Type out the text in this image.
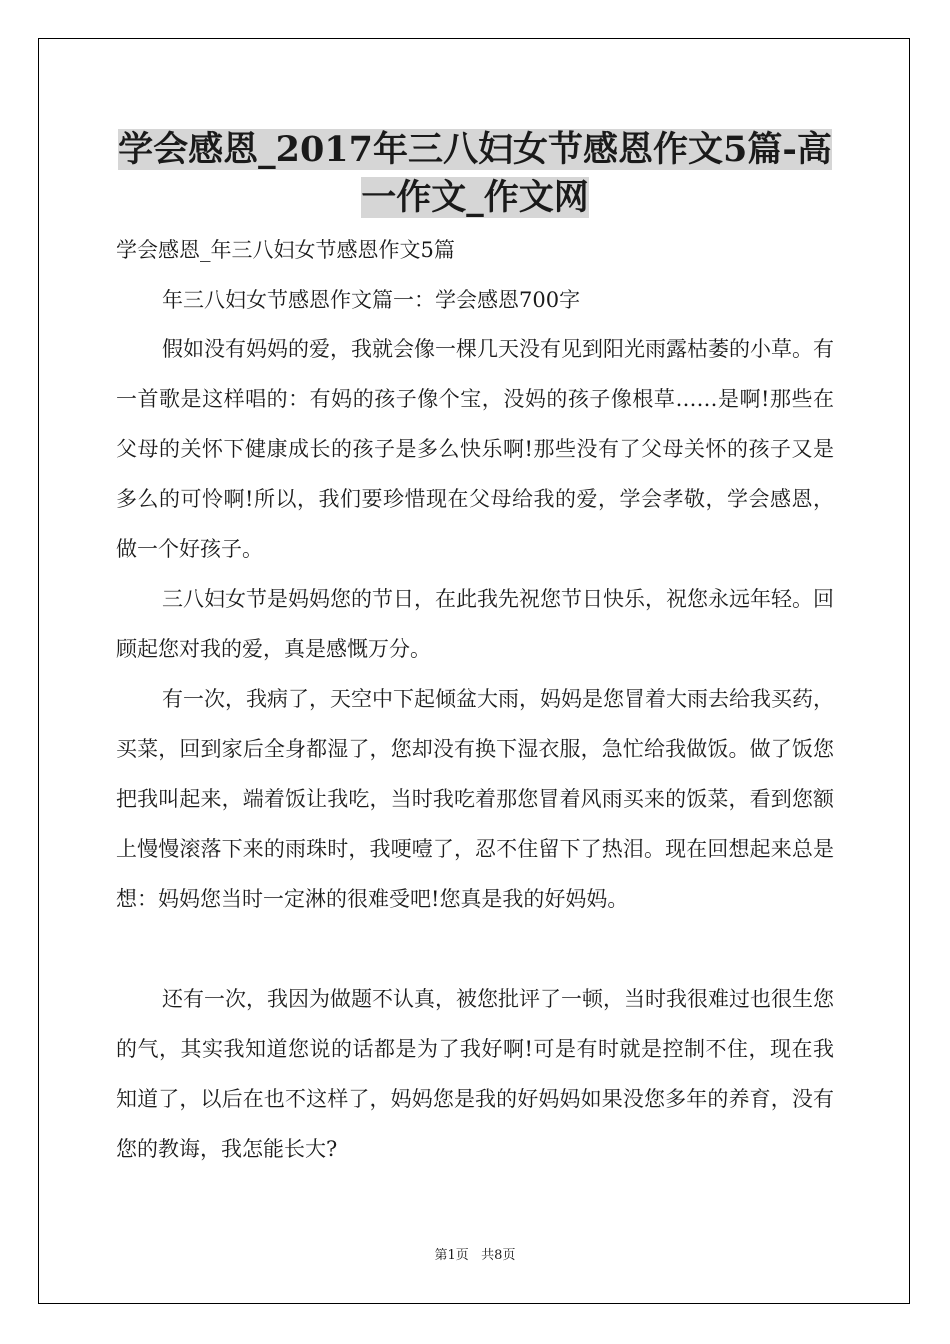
学会感恩_2017年三八妇女节感恩作文5篇-高
一作文_作文网
学会感恩_年三八妇女节感恩作文5篇
年三八妇女节感恩作文篇一：学会感恩700字

假如没有妈妈的爱，我就会像一棵几天没有见到阳光雨露枯萎的小草。有一首歌是这样唱的：有妈的孩子像个宝，没妈的孩子像根草……是啊!那些在父母的关怀下健康成长的孩子是多么快乐啊!那些没有了父母关怀的孩子又是多么的可怜啊!所以，我们要珍惜现在父母给我的爱，学会孝敬，学会感恩，做一个好孩子。

三八妇女节是妈妈您的节日，在此我先祝您节日快乐，祝您永远年轻。回顾起您对我的爱，真是感慨万分。

有一次，我病了，天空中下起倾盆大雨，妈妈是您冒着大雨去给我买药，买菜，回到家后全身都湿了，您却没有换下湿衣服，急忙给我做饭。做了饭您把我叫起来，端着饭让我吃，当时我吃着那您冒着风雨买来的饭菜，看到您额上慢慢滚落下来的雨珠时，我哽噎了，忍不住留下了热泪。现在回想起来总是想：妈妈您当时一定淋的很难受吧!您真是我的好妈妈。

还有一次，我因为做题不认真，被您批评了一顿，当时我很难过也很生您的气，其实我知道您说的话都是为了我好啊!可是有时就是控制不住，现在我知道了，以后在也不这样了，妈妈您是我的好妈妈如果没您多年的养育，没有您的教诲，我怎能长大?

第1页   共8页
